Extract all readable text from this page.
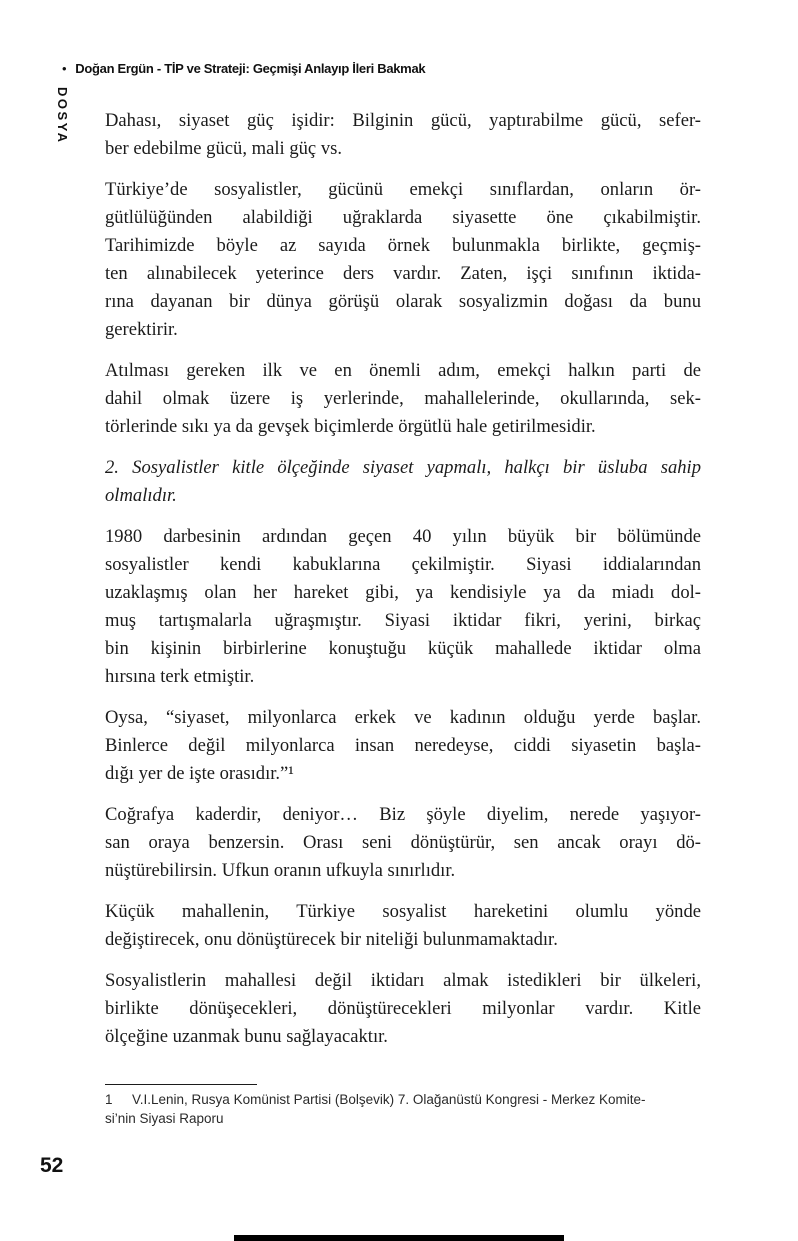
• Doğan Ergün - TİP ve Strateji: Geçmişi Anlayıp İleri Bakmak
DOSYA Dahası, siyaset güç işidir: Bilginin gücü, yaptırabilme gücü, sefer-
ber edebilme gücü, mali güç vs.

Türkiye’de sosyalistler, gücünü emekçi sınıflardan, onların ör-
gütlülüğünden alabildiği uğraklarda siyasette öne çıkabilmiştir.
Tarihimizde böyle az sayıda örnek bulunmakla birlikte, geçmiş-
ten alınabilecek yeterince ders vardır. Zaten, işçi sınıfının iktida-
rına dayanan bir dünya görüşü olarak sosyalizmin doğası da bunu
gerektirir.

Atılması gereken ilk ve en önemli adım, emekçi halkın parti de
dahil olmak üzere iş yerlerinde, mahallelerinde, okullarında, sek-
törlerinde sıkı ya da gevşek biçimlerde örgütlü hale getirilmesidir.

2. Sosyalistler kitle ölçeğinde siyaset yapmalı, halkçı bir üsluba sahip
olmalıdır.

1980 darbesinin ardından geçen 40 yılın büyük bir bölümünde
sosyalistler kendi kabuklarına çekilmiştir. Siyasi iddialarından
uzaklaşmış olan her hareket gibi, ya kendisiyle ya da miadı dol-
muş tartışmalarla uğraşmıştır. Siyasi iktidar fikri, yerini, birkaç
bin kişinin birbirlerine konuştuğu küçük mahallede iktidar olma
hırsına terk etmiştir.

Oysa, “siyaset, milyonlarca erkek ve kadının olduğu yerde başlar.
Binlerce değil milyonlarca insan neredeyse, ciddi siyasetin başla-
dığı yer de işte orasıdır.”¹

Coğrafya kaderdir, deniyor… Biz şöyle diyelim, nerede yaşıyor-
san oraya benzersin. Orası seni dönüştürür, sen ancak orayı dö-
nüştürebilirsin. Ufkun oranın ufkuyla sınırlıdır.

Küçük mahallenin, Türkiye sosyalist hareketini olumlu yönde
değiştirecek, onu dönüştürecek bir niteliği bulunmamaktadır.

Sosyalistlerin mahallesi değil iktidarı almak istedikleri bir ülkeleri,
birlikte dönüşecekleri, dönüştürecekleri milyonlar vardır. Kitle
ölçeğine uzanmak bunu sağlayacaktır.

1 V.I.Lenin, Rusya Komünist Partisi (Bolşevik) 7. Olağanüstü Kongresi - Merkez Komite-
si’nin Siyasi Raporu
52
